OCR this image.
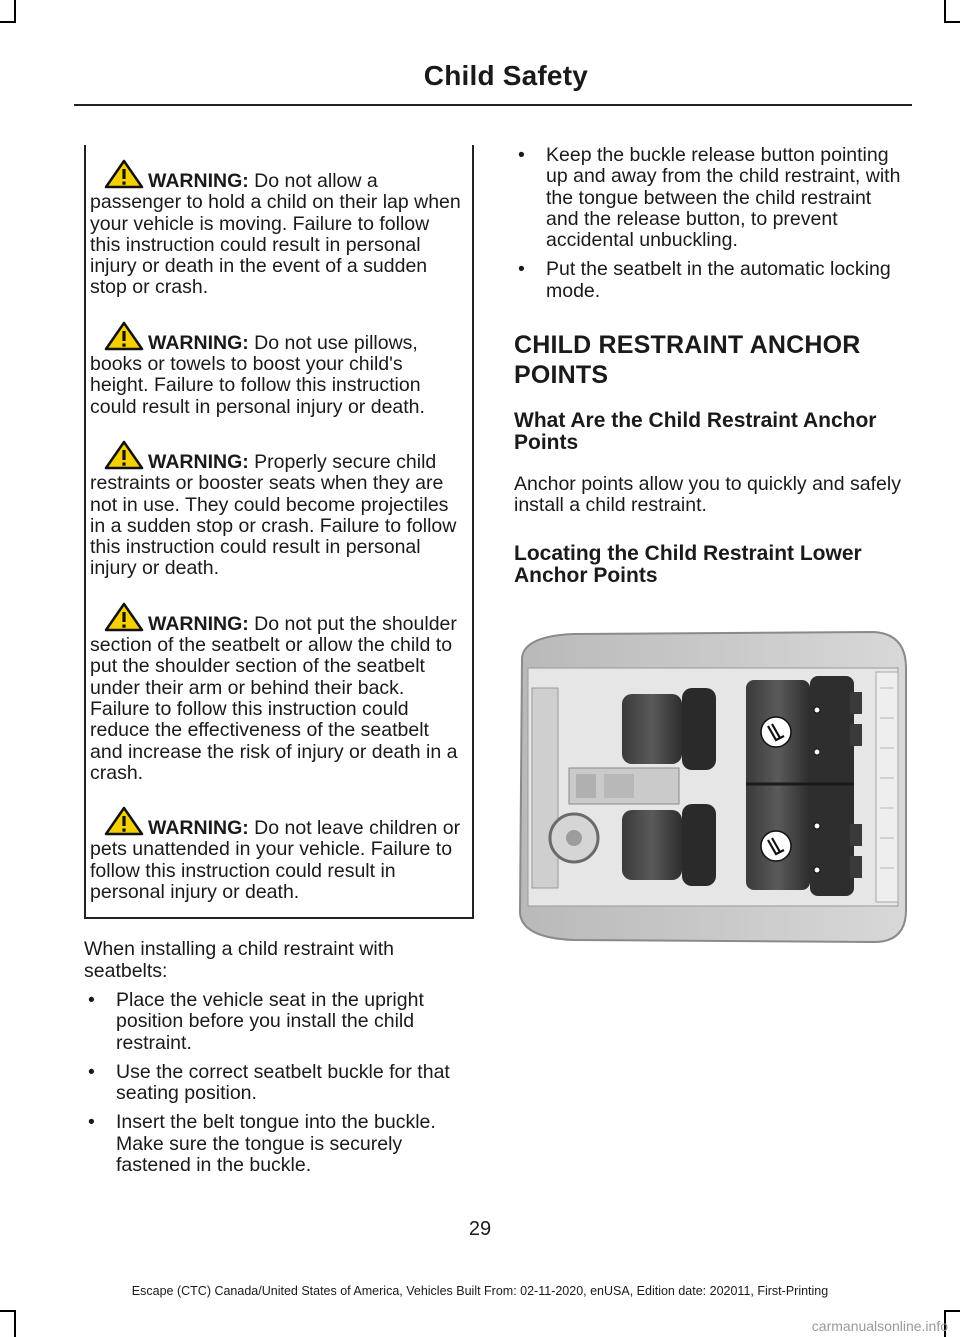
Child Safety
WARNING: Do not allow a passenger to hold a child on their lap when your vehicle is moving. Failure to follow this instruction could result in personal injury or death in the event of a sudden stop or crash.
WARNING: Do not use pillows, books or towels to boost your child's height. Failure to follow this instruction could result in personal injury or death.
WARNING: Properly secure child restraints or booster seats when they are not in use. They could become projectiles in a sudden stop or crash. Failure to follow this instruction could result in personal injury or death.
WARNING: Do not put the shoulder section of the seatbelt or allow the child to put the shoulder section of the seatbelt under their arm or behind their back. Failure to follow this instruction could reduce the effectiveness of the seatbelt and increase the risk of injury or death in a crash.
WARNING: Do not leave children or pets unattended in your vehicle. Failure to follow this instruction could result in personal injury or death.

When installing a child restraint with seatbelts:

• Place the vehicle seat in the upright position before you install the child restraint.
• Use the correct seatbelt buckle for that seating position.
• Insert the belt tongue into the buckle. Make sure the tongue is securely fastened in the buckle.
• Keep the buckle release button pointing up and away from the child restraint, with the tongue between the child restraint and the release button, to prevent accidental unbuckling.
• Put the seatbelt in the automatic locking mode.
CHILD RESTRAINT ANCHOR
POINTS
What Are the Child Restraint Anchor Points

Anchor points allow you to quickly and safely install a child restraint.

Locating the Child Restraint Lower Anchor Points
29
Escape (CTC) Canada/United States of America, Vehicles Built From: 02-11-2020, enUSA, Edition date: 202011, First-Printing
carmanualsonline.info
